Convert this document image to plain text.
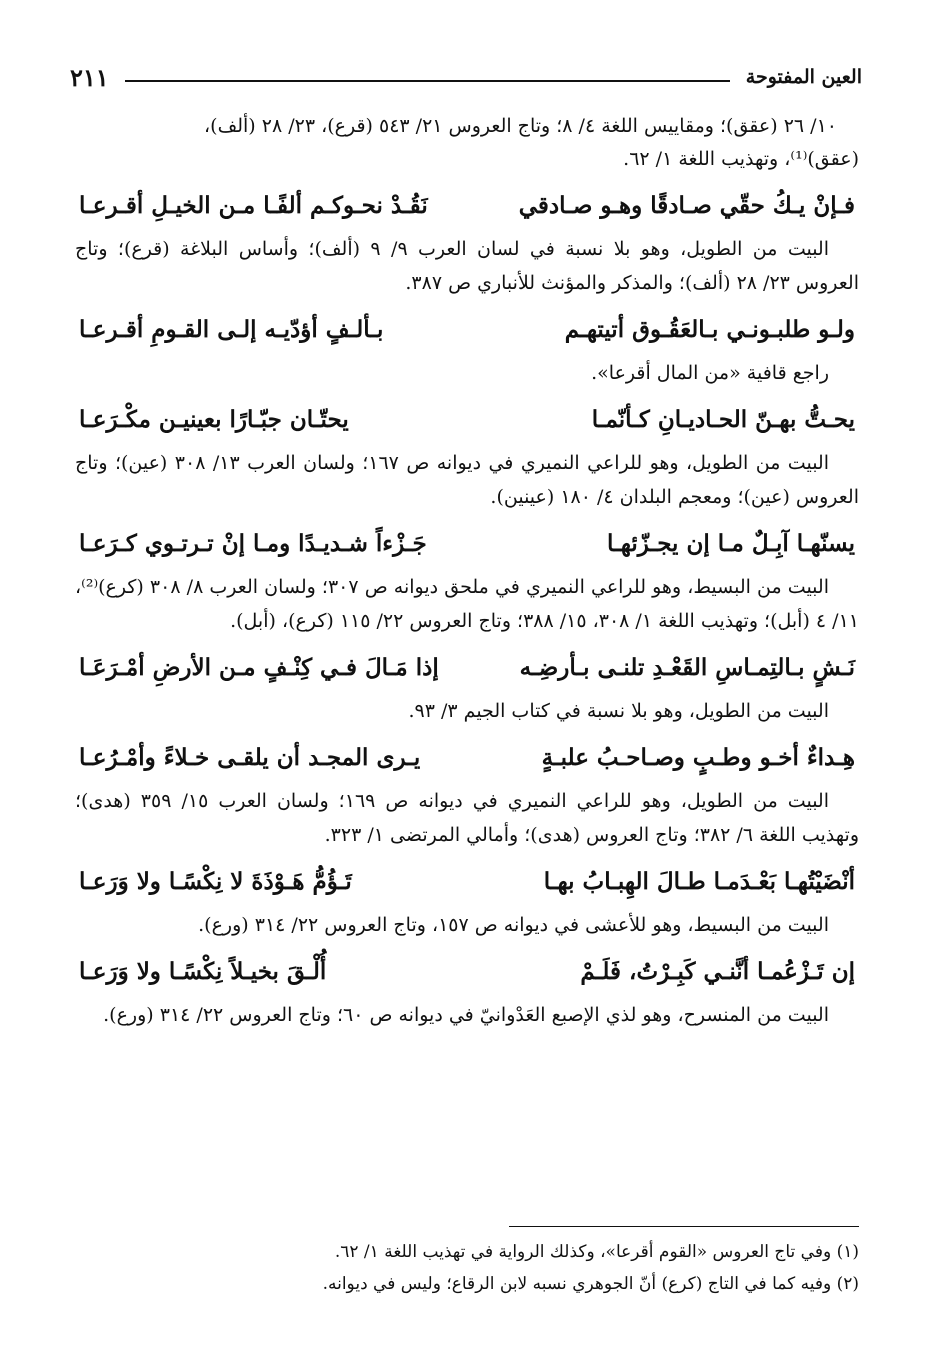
العين المفتوحة
٢١١

١٠/ ٢٦ (عقق)؛ ومقاييس اللغة ٤/ ٨؛ وتاج العروس ٢١/ ٥٤٣ (قرع)، ٢٣/ ٢٨ (ألف)،

(عقق)⁽¹⁾، وتهذيب اللغة ١/ ٦٢.

فـإنْ يـكُ حقّي صـادقًا وهـو صـادقي
نَقُـدْ نحـوكـم ألفًـا مـن الخيـلِ أقـرعـا

البيت من الطويل، وهو بلا نسبة في لسان العرب ٩/ ٩ (ألف)؛ وأساس البلاغة (قرع)؛ وتاج العروس ٢٣/ ٢٨ (ألف)؛ والمذكر والمؤنث للأنباري ص ٣٨٧.

ولـو طلبـونـي بـالعَقُـوق أتيتهـم
بـألـفٍ أؤدّيـه إلـى القـومِ أقـرعـا

راجع قافية «من المال أقرعا».

يحـتُّ بهـنّ الحـاديـانِ كـأنّمـا
يحتّـان جبّـارًا بعينيـن مكْـرَعـا

البيت من الطويل، وهو للراعي النميري في ديوانه ص ١٦٧؛ ولسان العرب ١٣/ ٣٠٨ (عين)؛ وتاج العروس (عين)؛ ومعجم البلدان ٤/ ١٨٠ (عينين).

يسنّهـا آبِـلٌ مـا إن يجـزّئهـا
جَـزْءاً شـديـدًا ومـا إنْ تـرتـوي كـرَعـا

البيت من البسيط، وهو للراعي النميري في ملحق ديوانه ص ٣٠٧؛ ولسان العرب ٨/ ٣٠٨ (كرع)⁽²⁾، ١١/ ٤ (أبل)؛ وتهذيب اللغة ١/ ٣٠٨، ١٥/ ٣٨٨؛ وتاج العروس ٢٢/ ١١٥ (كرع)، (أبل).

نَـشٍ بـالتِمـاسِ القَعْـدِ تلنـى بـأرضِـه
إذا مَـالَ فـي كِنْـفٍ مـن الأرضِ أمْـرَعَـا

البيت من الطويل، وهو بلا نسبة في كتاب الجيم ٣/ ٩٣.

هِـداءٌ أخـو وطـبٍ وصـاحـبُ علبـةٍ
يـرى المجـد أن يلقـى خـلاءً وأمْـرُعـا

البيت من الطويل، وهو للراعي النميري في ديوانه ص ١٦٩؛ ولسان العرب ١٥/ ٣٥٩ (هدى)؛ وتهذيب اللغة ٦/ ٣٨٢؛ وتاج العروس (هدى)؛ وأمالي المرتضى ١/ ٣٢٣.

أنْضَيْتُهـا بَعْـدَمـا طـالَ الهِبـابُ بهـا
تَـؤُمُّ هَـوْذَةَ لا نِكْسًـا ولا وَرَعـا

البيت من البسيط، وهو للأعشى في ديوانه ص ١٥٧، وتاج العروس ٢٢/ ٣١٤ (ورع).

إن تَـزْعُمـا أنَّنـي كَبِـرْتُ، فَلَـمْ
أُلْـقَ بخيـلاً نِكْسًـا ولا وَرَعـا

البيت من المنسرح، وهو لذي الإصبع العَدْوانيّ في ديوانه ص ٦٠؛ وتاج العروس ٢٢/ ٣١٤ (ورع).

(١) وفي تاج العروس «القوم أقرعا»، وكذلك الرواية في تهذيب اللغة ١/ ٦٢.

(٢) وفيه كما في التاج (كرع) أنّ الجوهري نسبه لابن الرقاع؛ وليس في ديوانه.
